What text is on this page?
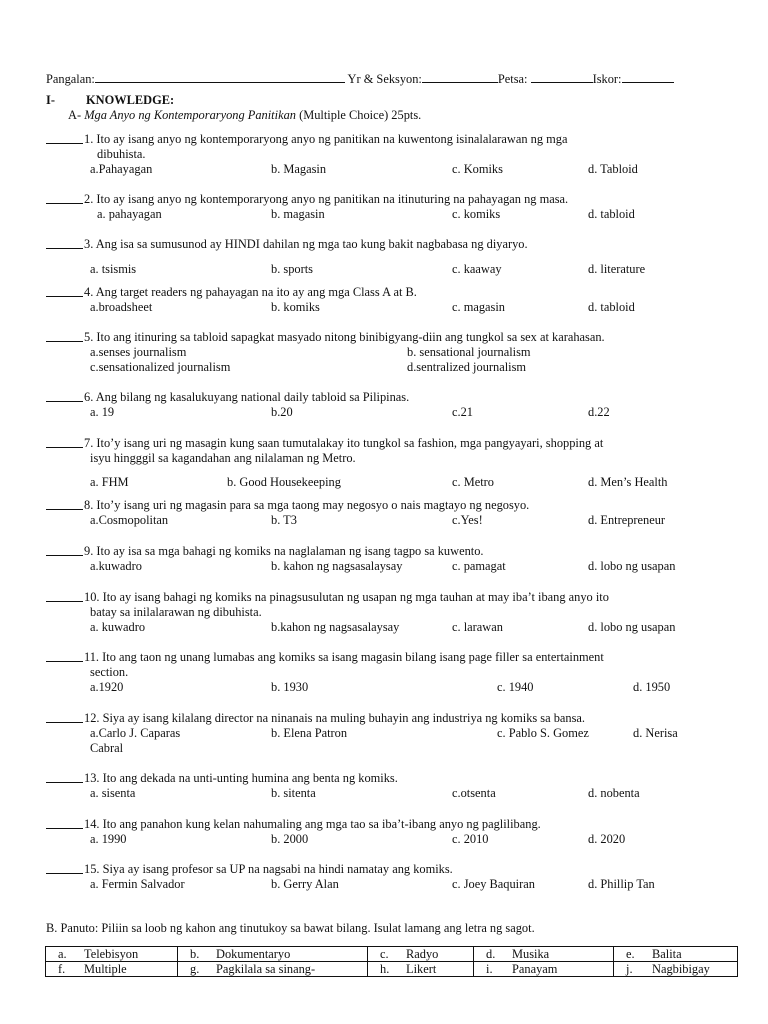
Pangalan:	Yr & Seksyon:	Petsa:	Iskor:
I-	KNOWLEDGE:
A- Mga Anyo ng Kontemporaryong Panitikan (Multiple Choice) 25pts.
1. Ito ay isang anyo ng kontemporaryong anyo ng panitikan na kuwentong isinalalarawan ng mga
dibuhista.
a.Pahayagan	b. Magasin	c. Komiks	d. Tabloid
2. Ito ay isang anyo ng kontemporaryong anyo ng panitikan na itinuturing na pahayagan ng masa.
a. pahayagan	b. magasin	c. komiks	d. tabloid
3. Ang isa sa sumusunod ay HINDI dahilan ng mga tao kung bakit nagbabasa ng diyaryo.
a. tsismis	b. sports	c. kaaway	d. literature
4. Ang target readers ng pahayagan na ito ay ang mga Class A at B.
a.broadsheet	b. komiks	c. magasin	d. tabloid
5. Ito ang itinuring sa tabloid sapagkat masyado nitong binibigyang-diin ang tungkol sa sex at karahasan.
a.senses journalism	b. sensational journalism
c.sensationalized journalism	d.sentralized journalism
6. Ang bilang ng kasalukuyang national daily tabloid sa Pilipinas.
a. 19	b.20	c.21	d.22
7. Ito’y isang uri ng masagin kung saan tumutalakay ito tungkol sa fashion, mga pangyayari, shopping at
isyu hingggil sa kagandahan ang nilalaman ng Metro.
a. FHM	b. Good Housekeeping	c. Metro	d. Men’s Health
8. Ito’y isang uri ng magasin para sa mga taong may negosyo o nais magtayo ng negosyo.
a.Cosmopolitan	b. T3	c.Yes!	d. Entrepreneur
9. Ito ay isa sa mga bahagi ng komiks na naglalaman ng isang tagpo sa kuwento.
a.kuwadro	b. kahon ng nagsasalaysay	c. pamagat	d. lobo ng usapan
10. Ito ay isang bahagi ng komiks na pinagsusulutan ng usapan ng mga tauhan at may iba’t ibang anyo ito
batay sa inilalarawan ng dibuhista.
a. kuwadro	b.kahon ng nagsasalaysay	c. larawan	d. lobo ng usapan
11. Ito ang taon ng unang lumabas ang komiks sa isang magasin bilang isang page filler sa entertainment
section.
a.1920	b. 1930	c. 1940	d. 1950
12. Siya ay isang kilalang director na ninanais na muling buhayin ang industriya ng komiks sa bansa.
a.Carlo J. Caparas	b. Elena Patron	c. Pablo S. Gomez	d. Nerisa
Cabral
13. Ito ang dekada na unti-unting humina ang benta ng komiks.
a. sisenta	b. sitenta	c.otsenta	d. nobenta
14. Ito ang panahon kung kelan nahumaling ang mga tao sa iba’t-ibang anyo ng paglilibang.
a. 1990	b. 2000	c. 2010	d. 2020
15. Siya ay isang profesor sa UP na nagsabi na hindi namatay ang komiks.
a. Fermin Salvador	b. Gerry Alan	c. Joey Baquiran	d. Phillip Tan
B. Panuto: Piliin sa loob ng kahon ang tinutukoy sa bawat bilang. Isulat lamang ang letra ng sagot.
a. Telebisyon	b. Dokumentaryo	c. Radyo	d. Musika	e. Balita
f. Multiple	g. Pagkilala sa sinang-	h. Likert	i. Panayam	j. Nagbibigay
